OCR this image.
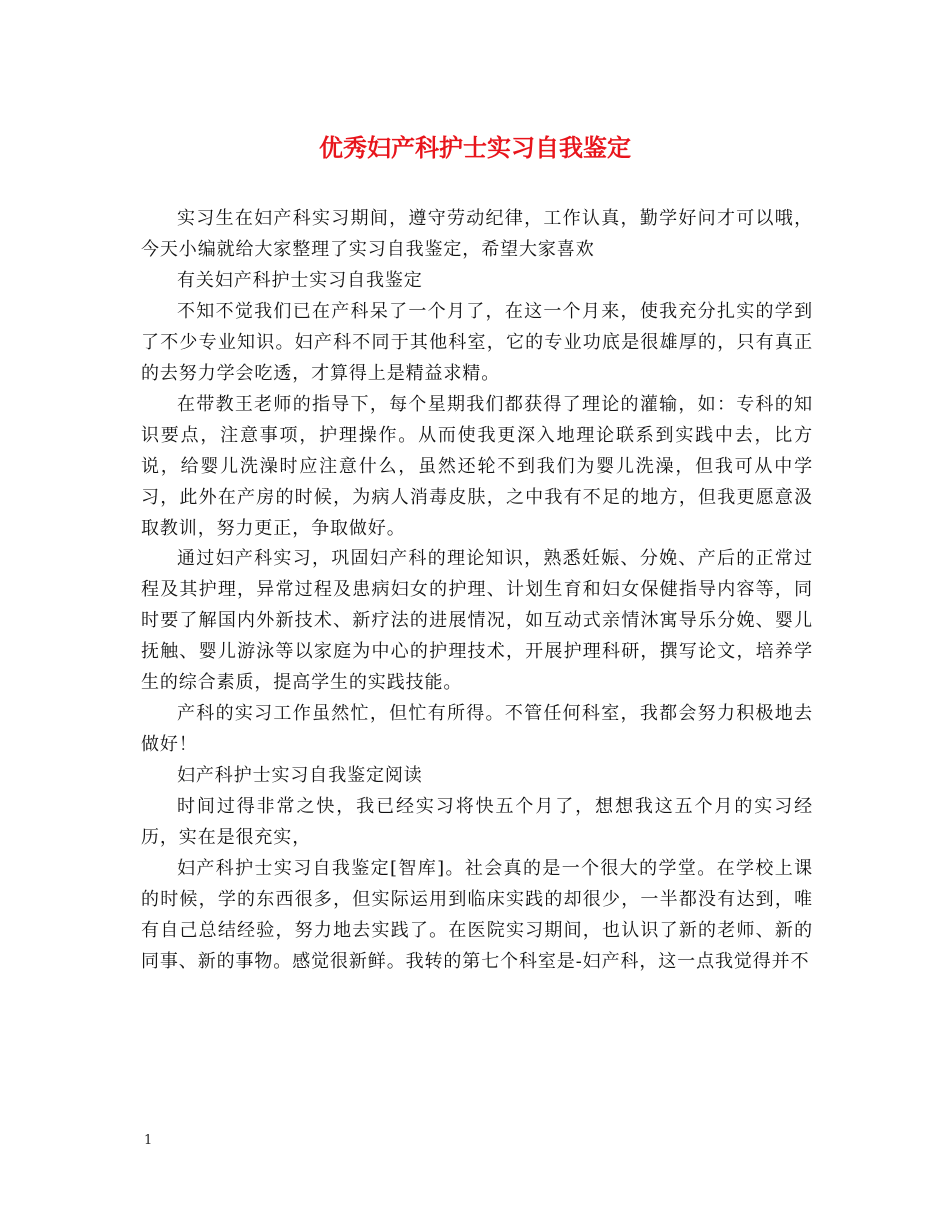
优秀妇产科护士实习自我鉴定

实习生在妇产科实习期间，遵守劳动纪律，工作认真，勤学好问才可以哦，今天小编就给大家整理了实习自我鉴定，希望大家喜欢

有关妇产科护士实习自我鉴定

不知不觉我们已在产科呆了一个月了，在这一个月来，使我充分扎实的学到了不少专业知识。妇产科不同于其他科室，它的专业功底是很雄厚的，只有真正的去努力学会吃透，才算得上是精益求精。

在带教王老师的指导下，每个星期我们都获得了理论的灌输，如：专科的知识要点，注意事项，护理操作。从而使我更深入地理论联系到实践中去，比方说，给婴儿洗澡时应注意什么，虽然还轮不到我们为婴儿洗澡，但我可从中学习，此外在产房的时候，为病人消毒皮肤，之中我有不足的地方，但我更愿意汲取教训，努力更正，争取做好。

通过妇产科实习，巩固妇产科的理论知识，熟悉妊娠、分娩、产后的正常过程及其护理，异常过程及患病妇女的护理、计划生育和妇女保健指导内容等，同时要了解国内外新技术、新疗法的进展情况，如互动式亲情沐寓导乐分娩、婴儿抚触、婴儿游泳等以家庭为中心的护理技术，开展护理科研，撰写论文，培养学生的综合素质，提高学生的实践技能。

产科的实习工作虽然忙，但忙有所得。不管任何科室，我都会努力积极地去做好！

妇产科护士实习自我鉴定阅读

时间过得非常之快，我已经实习将快五个月了，想想我这五个月的实习经历，实在是很充实，

妇产科护士实习自我鉴定[智库]。社会真的是一个很大的学堂。在学校上课的时候，学的东西很多，但实际运用到临床实践的却很少，一半都没有达到，唯有自己总结经验，努力地去实践了。在医院实习期间，也认识了新的老师、新的同事、新的事物。感觉很新鲜。我转的第七个科室是-妇产科，这一点我觉得并不

1
